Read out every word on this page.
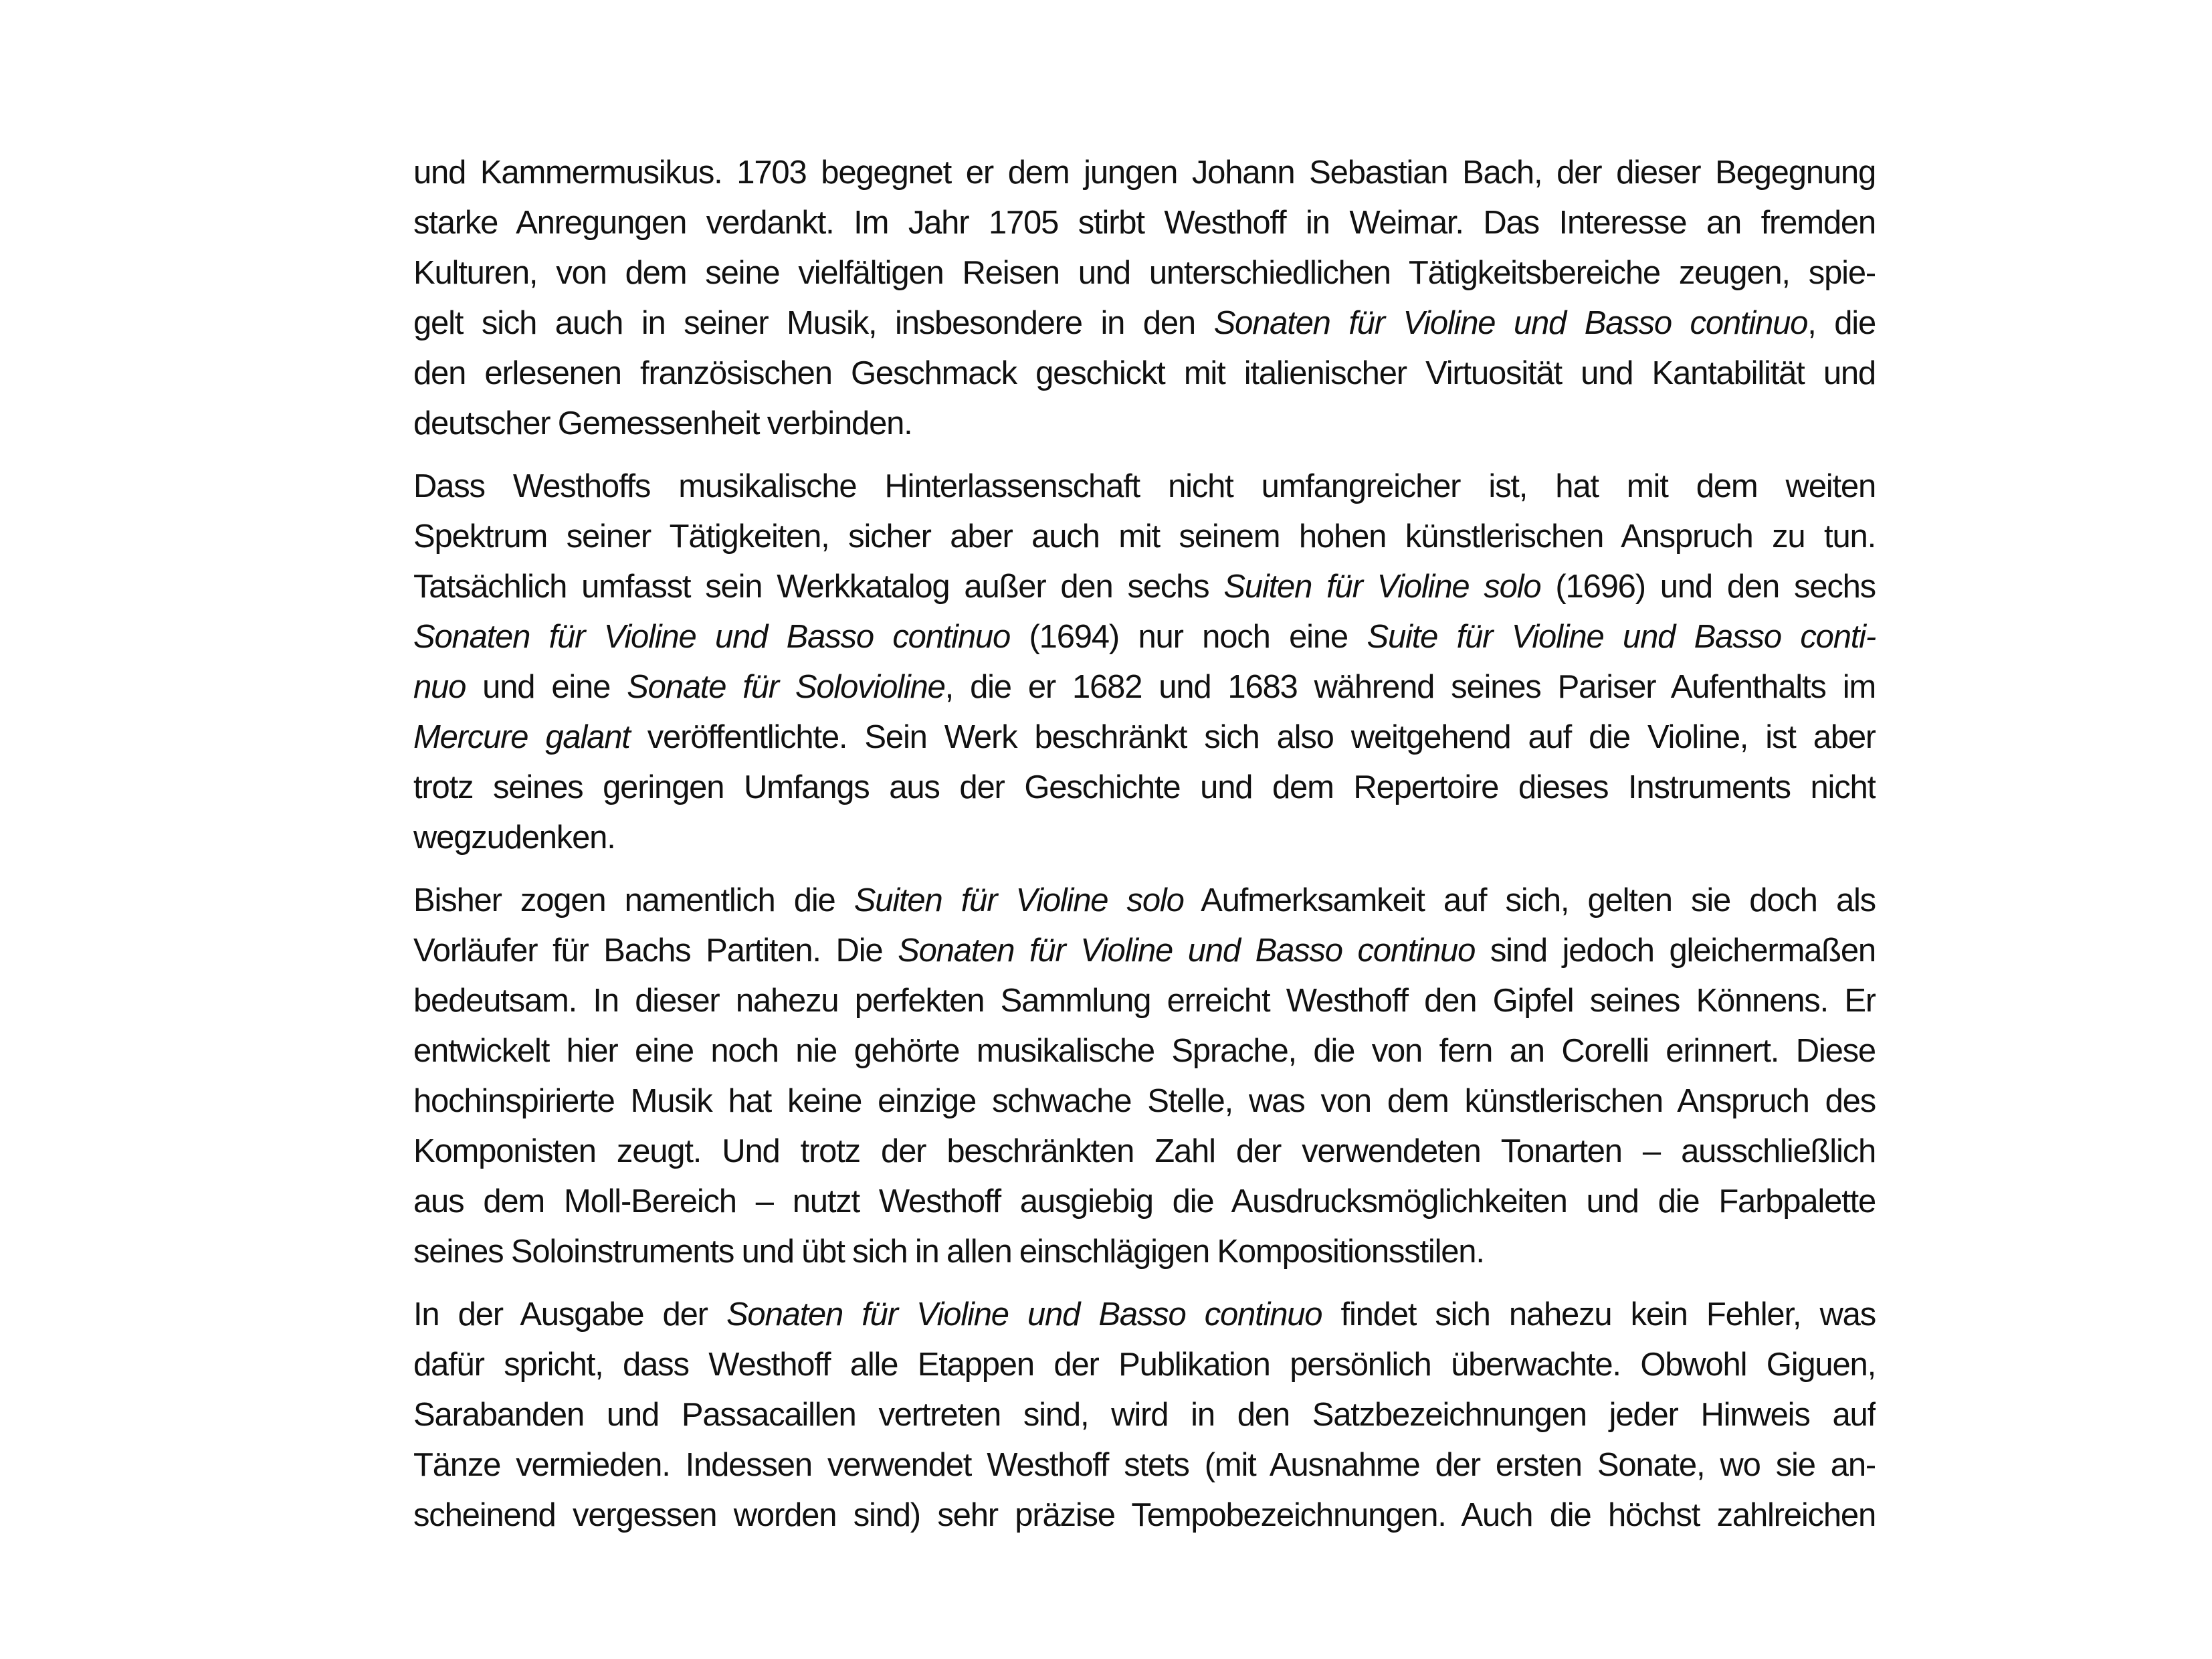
und Kammermusikus. 1703 begegnet er dem jungen Johann Sebastian Bach, der dieser Begegnung
starke Anregungen verdankt. Im Jahr 1705 stirbt Westhoff in Weimar. Das Interesse an fremden
Kulturen, von dem seine vielfältigen Reisen und unterschiedlichen Tätigkeitsbereiche zeugen, spie-
gelt sich auch in seiner Musik, insbesondere in den Sonaten für Violine und Basso continuo, die
den erlesenen französischen Geschmack geschickt mit italienischer Virtuosität und Kantabilität und
deutscher Gemessenheit verbinden.
Dass Westhoffs musikalische Hinterlassenschaft nicht umfangreicher ist, hat mit dem weiten
Spektrum seiner Tätigkeiten, sicher aber auch mit seinem hohen künstlerischen Anspruch zu tun.
Tatsächlich umfasst sein Werkkatalog außer den sechs Suiten für Violine solo (1696) und den sechs
Sonaten für Violine und Basso continuo (1694) nur noch eine Suite für Violine und Basso conti-
nuo und eine Sonate für Solovioline, die er 1682 und 1683 während seines Pariser Aufenthalts im
Mercure galant veröffentlichte. Sein Werk beschränkt sich also weitgehend auf die Violine, ist aber
trotz seines geringen Umfangs aus der Geschichte und dem Repertoire dieses Instruments nicht
wegzudenken.
Bisher zogen namentlich die Suiten für Violine solo Aufmerksamkeit auf sich, gelten sie doch als
Vorläufer für Bachs Partiten. Die Sonaten für Violine und Basso continuo sind jedoch gleichermaßen
bedeutsam. In dieser nahezu perfekten Sammlung erreicht Westhoff den Gipfel seines Könnens. Er
entwickelt hier eine noch nie gehörte musikalische Sprache, die von fern an Corelli erinnert. Diese
hochinspirierte Musik hat keine einzige schwache Stelle, was von dem künstlerischen Anspruch des
Komponisten zeugt. Und trotz der beschränkten Zahl der verwendeten Tonarten – ausschließlich
aus dem Moll-Bereich – nutzt Westhoff ausgiebig die Ausdrucksmöglichkeiten und die Farbpalette
seines Soloinstruments und übt sich in allen einschlägigen Kompositionsstilen.
In der Ausgabe der Sonaten für Violine und Basso continuo findet sich nahezu kein Fehler, was
dafür spricht, dass Westhoff alle Etappen der Publikation persönlich überwachte. Obwohl Giguen,
Sarabanden und Passacaillen vertreten sind, wird in den Satzbezeichnungen jeder Hinweis auf
Tänze vermieden. Indessen verwendet Westhoff stets (mit Ausnahme der ersten Sonate, wo sie an-
scheinend vergessen worden sind) sehr präzise Tempobezeichnungen. Auch die höchst zahlreichen
